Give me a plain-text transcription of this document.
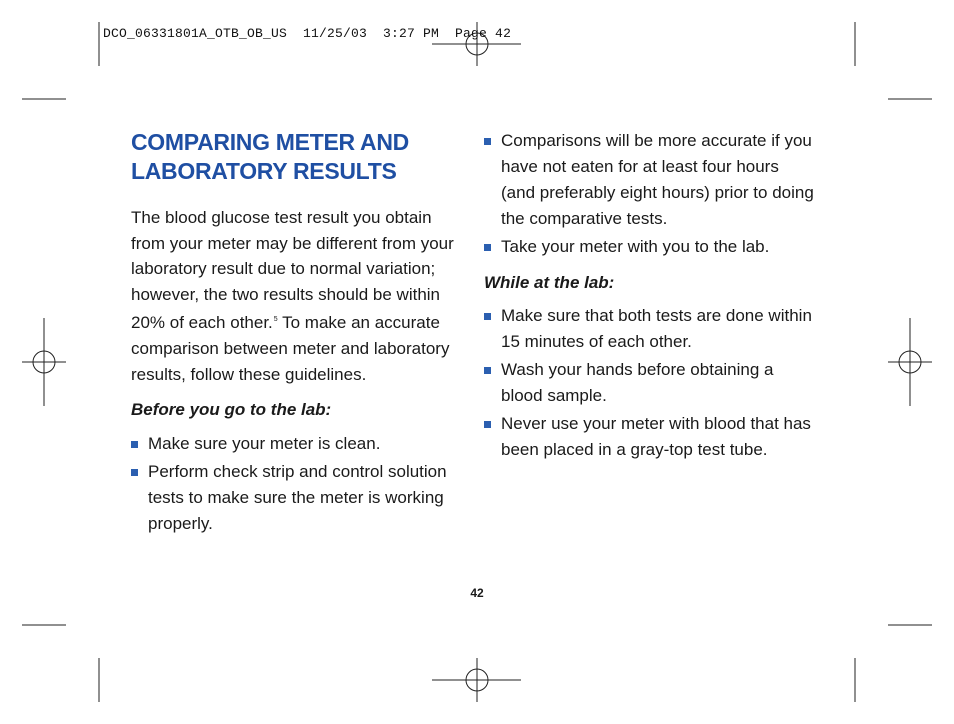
DCO_06331801A_OTB_OB_US  11/25/03  3:27 PM  Page 42
COMPARING METER AND LABORATORY RESULTS

The blood glucose test result you obtain from your meter may be different from your laboratory result due to normal variation; however, the two results should be within 20% of each other.$^5$ To make an accurate comparison between meter and laboratory results, follow these guidelines.

Before you go to the lab:

Make sure your meter is clean.
Perform check strip and control solution tests to make sure the meter is working properly.
Comparisons will be more accurate if you have not eaten for at least four hours (and preferably eight hours) prior to doing the comparative tests.
Take your meter with you to the lab.

While at the lab:

Make sure that both tests are done within 15 minutes of each other.
Wash your hands before obtaining a blood sample.
Never use your meter with blood that has been placed in a gray-top test tube.
42
